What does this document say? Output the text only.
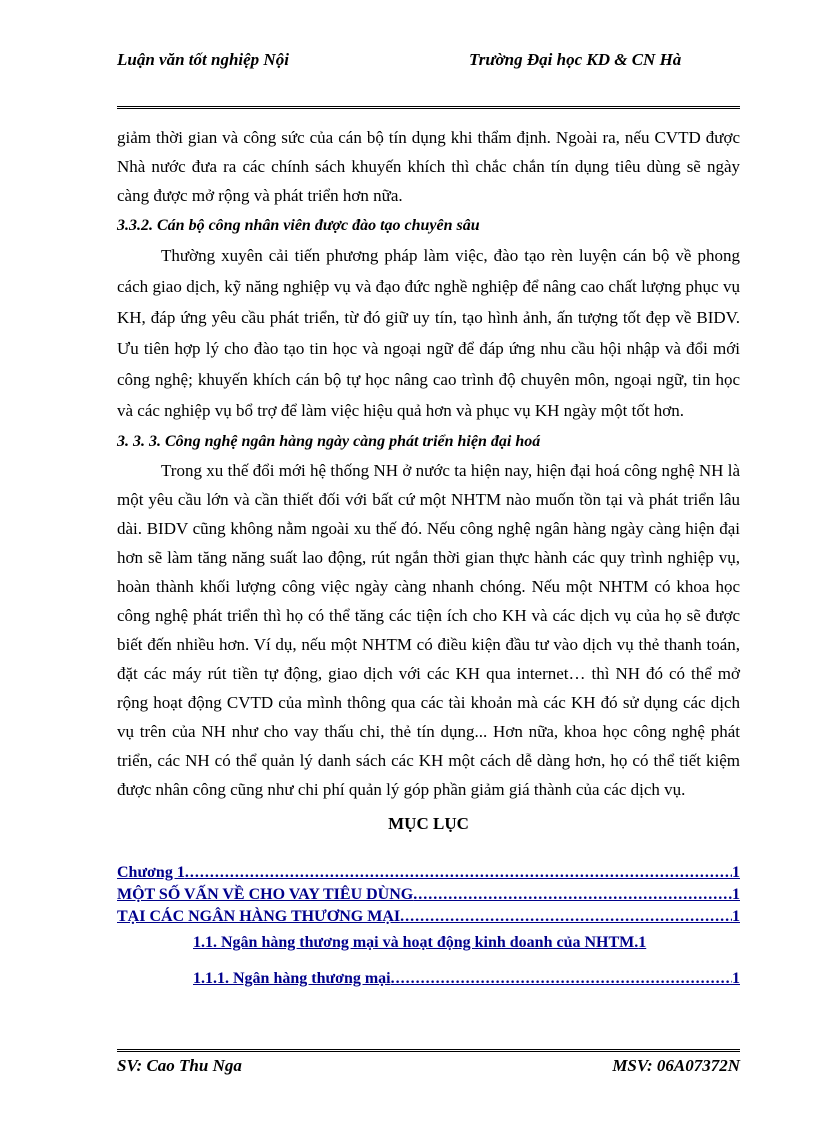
Luận văn tốt nghiệp Nội	Trường Đại học KD & CN Hà

giảm thời gian và công sức của cán bộ tín dụng khi thẩm định. Ngoài ra, nếu CVTD được Nhà nước đưa ra các chính sách khuyến khích thì chắc chắn tín dụng tiêu dùng sẽ ngày càng được mở rộng và phát triển hơn nữa.

3.3.2. Cán bộ công nhân viên được đào tạo chuyên sâu

Thường xuyên cải tiến phương pháp làm việc, đào tạo rèn luyện cán bộ về phong cách giao dịch, kỹ năng nghiệp vụ và đạo đức nghề nghiệp để nâng cao chất lượng phục vụ KH, đáp ứng yêu cầu phát triển, từ đó giữ uy tín, tạo hình ảnh, ấn tượng tốt đẹp về BIDV. Ưu tiên hợp lý cho đào tạo tin học và ngoại ngữ để đáp ứng nhu cầu hội nhập và đổi mới công nghệ; khuyến khích cán bộ tự học nâng cao trình độ chuyên môn, ngoại ngữ, tin học và các nghiệp vụ bổ trợ để làm việc hiệu quả hơn và phục vụ KH ngày một tốt hơn.

3. 3. 3. Công nghệ ngân hàng ngày càng phát triển hiện đại hoá

Trong xu thế đổi mới hệ thống NH ở nước ta hiện nay, hiện đại hoá công nghệ NH là một yêu cầu lớn và cần thiết đối với bất cứ một NHTM nào muốn tồn tại và phát triển lâu dài. BIDV cũng không nằm ngoài xu thế đó. Nếu công nghệ ngân hàng ngày càng hiện đại hơn sẽ làm tăng năng suất lao động, rút ngắn thời gian thực hành các quy trình nghiệp vụ, hoàn thành khối lượng công việc ngày càng nhanh chóng. Nếu một NHTM có khoa học công nghệ phát triển thì họ có thể tăng các tiện ích cho KH và các dịch vụ của họ sẽ được biết đến nhiều hơn. Ví dụ, nếu một NHTM có điều kiện đầu tư vào dịch vụ thẻ thanh toán, đặt các máy rút tiền tự động, giao dịch với các KH qua internet… thì NH đó có thể mở rộng hoạt động CVTD của mình thông qua các tài khoản mà các KH đó sử dụng các dịch vụ trên của NH như cho vay thấu chi, thẻ tín dụng... Hơn nữa, khoa học công nghệ phát triển, các NH có thể quản lý danh sách các KH một cách dễ dàng hơn, họ có thể tiết kiệm được nhân công cũng như chi phí quản lý góp phần giảm giá thành của các dịch vụ.

MỤC LỤC
Chương 1 .....	1
MỘT SỐ VẤN VỀ CHO VAY TIÊU DÙNG .....	1
TẠI CÁC NGÂN HÀNG THƯƠNG MẠI .....	1
1.1. Ngân hàng thương mại và hoạt động kinh doanh của NHTM. 1
1.1.1. Ngân hàng thương mại .....	1
SV: Cao Thu Nga	MSV: 06A07372N
